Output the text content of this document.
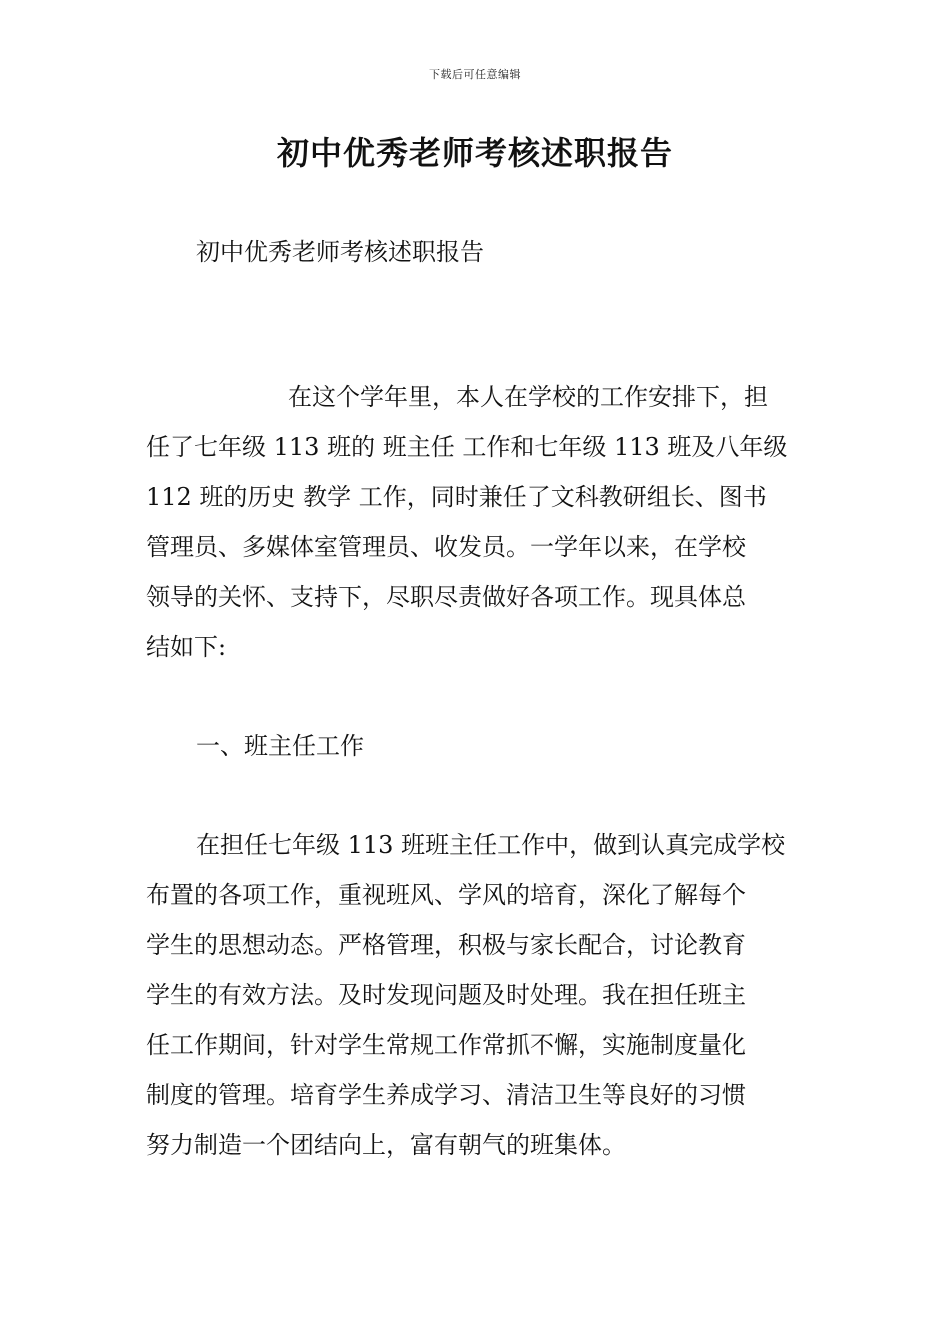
下载后可任意编辑
初中优秀老师考核述职报告
初中优秀老师考核述职报告
在这个学年里，本人在学校的工作安排下，担
任了七年级 113 班的 班主任 工作和七年级 113 班及八年级
112 班的历史 教学 工作，同时兼任了文科教研组长、图书
管理员、多媒体室管理员、收发员。一学年以来，在学校
领导的关怀、支持下，尽职尽责做好各项工作。现具体总
结如下:
一、班主任工作
在担任七年级 113 班班主任工作中，做到认真完成学校
布置的各项工作，重视班风、学风的培育，深化了解每个
学生的思想动态。严格管理，积极与家长配合，讨论教育
学生的有效方法。及时发现问题及时处理。我在担任班主
任工作期间，针对学生常规工作常抓不懈，实施制度量化
制度的管理。培育学生养成学习、清洁卫生等良好的习惯
努力制造一个团结向上，富有朝气的班集体。
